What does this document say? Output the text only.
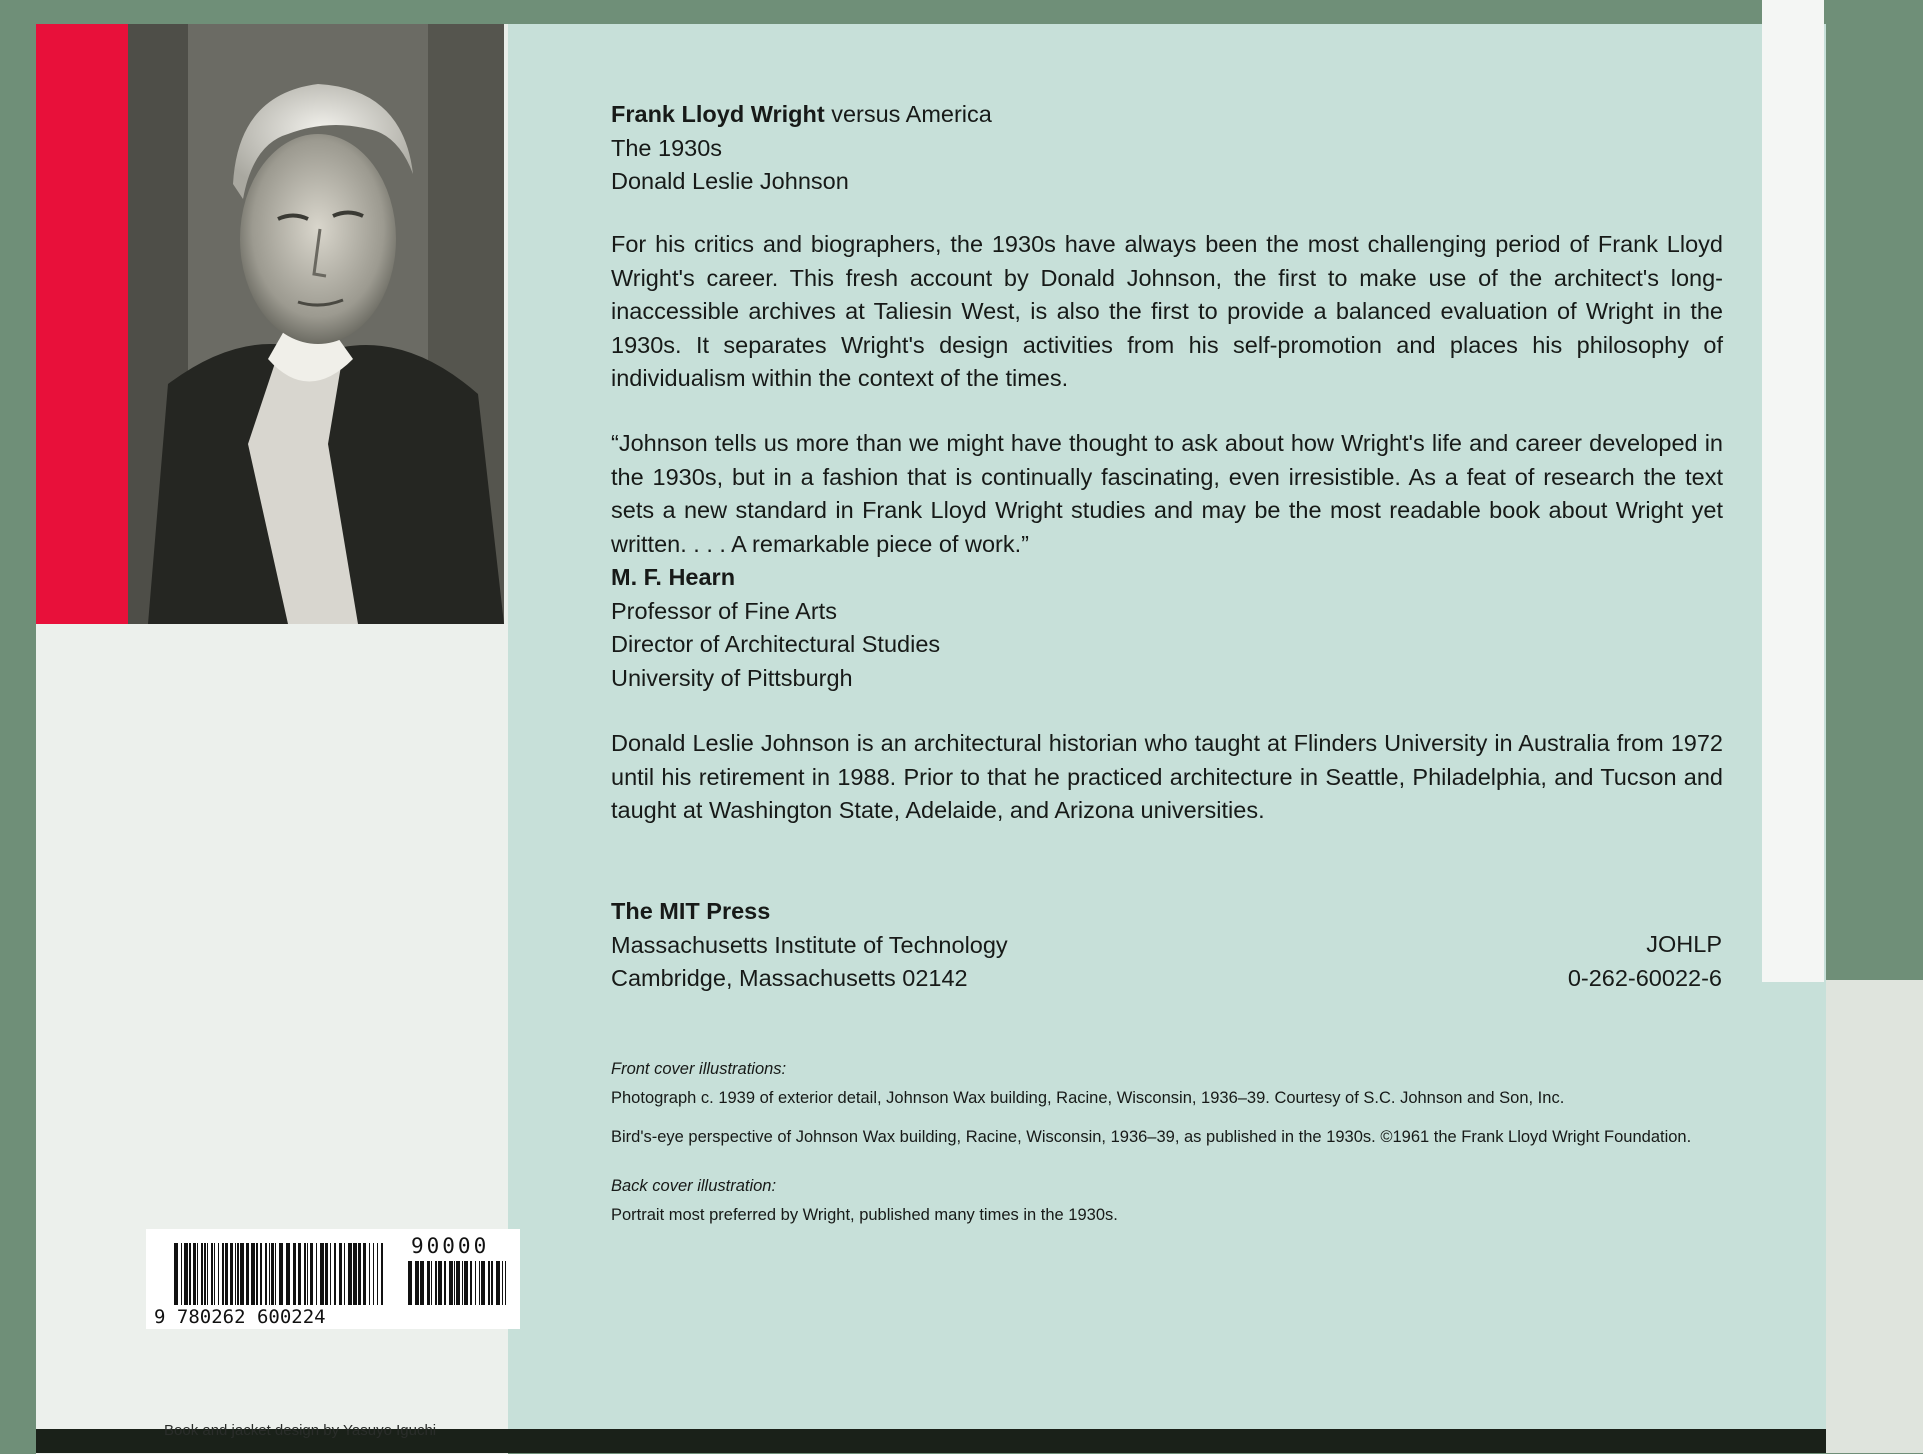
9 780262 600224
90000
Book and jacket design by Yasuyo Iguchi

Frank Lloyd Wright versus America

The 1930s

Donald Leslie Johnson

For his critics and biographers, the 1930s have always been the most challenging period of Frank Lloyd Wright's career. This fresh account by Donald Johnson, the first to make use of the architect's long-inaccessible archives at Taliesin West, is also the first to provide a balanced evaluation of Wright in the 1930s. It separates Wright's design activities from his self-promotion and places his philosophy of individualism within the context of the times.

“Johnson tells us more than we might have thought to ask about how Wright's life and career developed in the 1930s, but in a fashion that is continually fascinating, even irresistible. As a feat of research the text sets a new standard in Frank Lloyd Wright studies and may be the most readable book about Wright yet written. . . . A remarkable piece of work.”

M. F. Hearn

Professor of Fine Arts

Director of Architectural Studies

University of Pittsburgh

Donald Leslie Johnson is an architectural historian who taught at Flinders University in Australia from 1972 until his retirement in 1988. Prior to that he practiced architecture in Seattle, Philadelphia, and Tucson and taught at Washington State, Adelaide, and Arizona universities.

The MIT Press

Massachusetts Institute of Technology

Cambridge, Massachusetts 02142

JOHLP
0-262-60022-6

Front cover illustrations:

Photograph c. 1939 of exterior detail, Johnson Wax building, Racine, Wisconsin, 1936–39. Courtesy of S.C. Johnson and Son, Inc.

Bird's-eye perspective of Johnson Wax building, Racine, Wisconsin, 1936–39, as published in the 1930s. ©1961 the Frank Lloyd Wright Foundation.

Back cover illustration:

Portrait most preferred by Wright, published many times in the 1930s.
